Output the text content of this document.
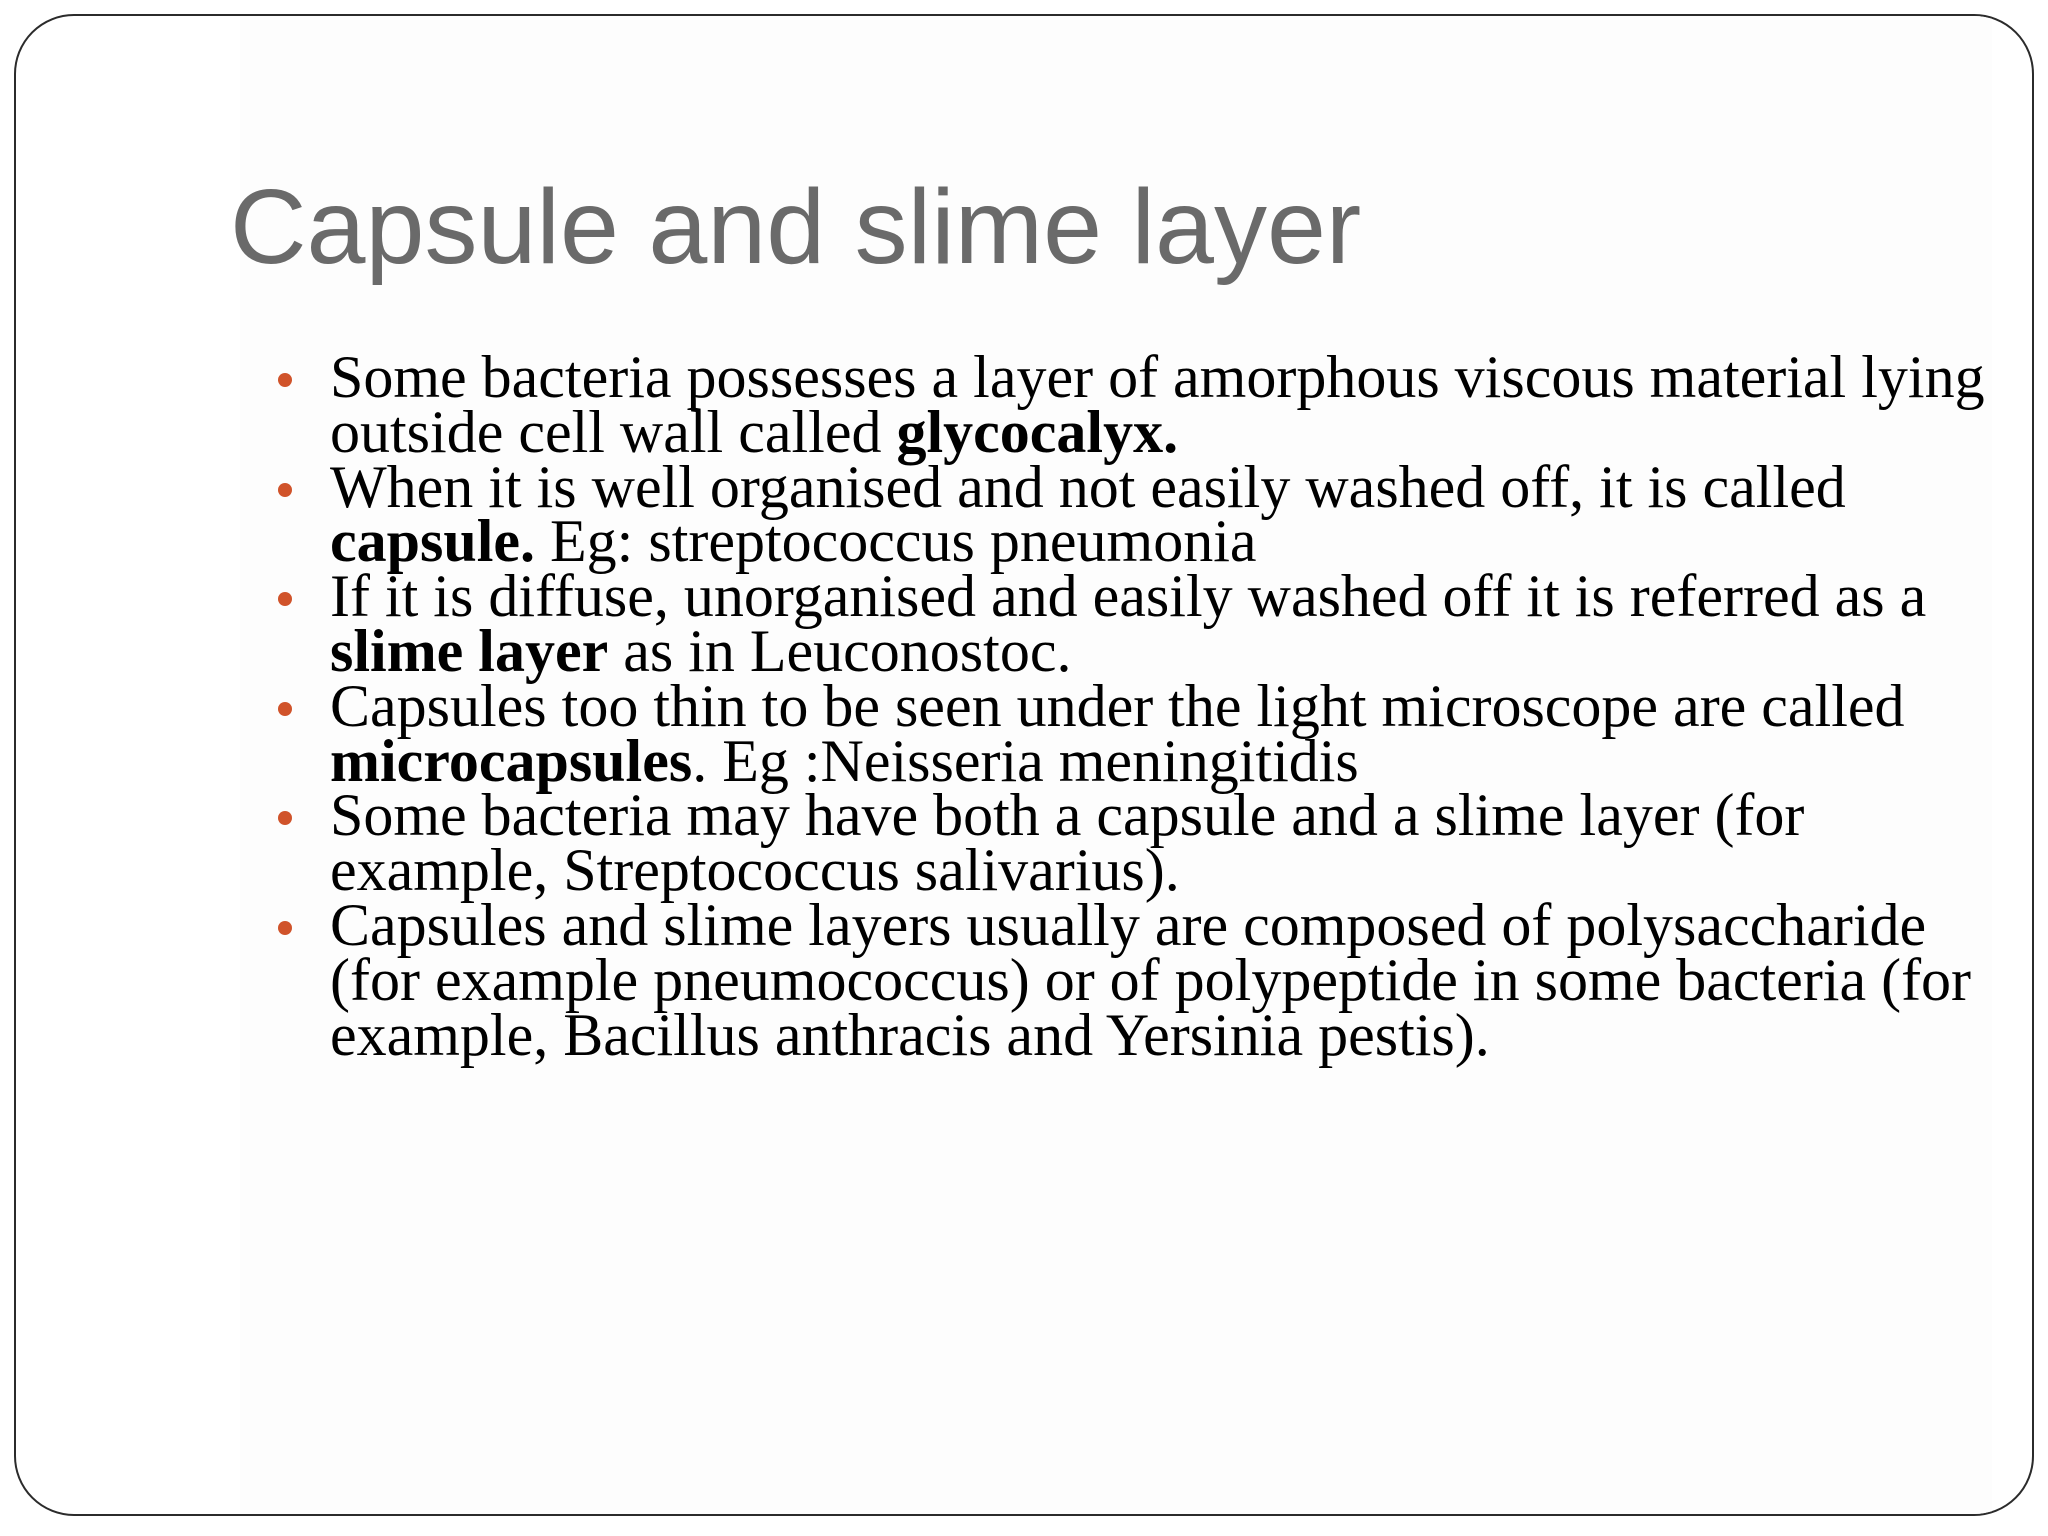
Capsule and slime layer
Some bacteria possesses a layer of amorphous viscous material lying outside cell wall called glycocalyx.
When it is well organised and not easily washed off, it is called capsule. Eg: streptococcus pneumonia
If it is diffuse, unorganised and easily washed off it is referred as a slime layer as in Leuconostoc.
Capsules too thin to be seen under the light microscope are called microcapsules. Eg :Neisseria meningitidis
Some bacteria may have both a capsule and a slime layer (for example, Streptococcus salivarius).
Capsules and slime layers usually are composed of polysaccharide (for example pneumococcus) or of polypeptide in some bacteria (for example, Bacillus anthracis and Yersinia pestis).
